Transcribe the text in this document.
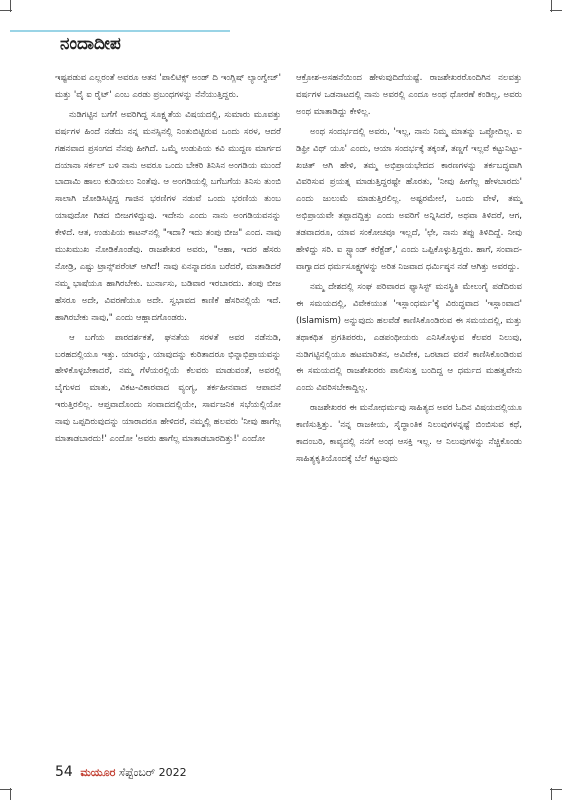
ನಂದಾದೀಪ

ಇಷ್ಟಪಡುವ ಎಲ್ಲರಂತೆ ಅವರೂ ಆತನ 'ಪಾಲಿಟಿಕ್ಸ್ ಅಂಡ್ ದಿ ಇಂಗ್ಲಿಷ್ ಲ್ಯಾಂಗ್ವೇಜ್' ಮತ್ತು 'ವೈ ಐ ರೈಟ್' ಎಂಬ ಎರಡು ಪ್ರಬಂಧಗಳನ್ನು ನೆನೆಯುತ್ತಿದ್ದರು.

ನುಡಿಗಟ್ಟಿನ ಬಗೆಗೆ ಅವರಿಗಿದ್ದ ಸೂಕ್ಷ್ಮತೆಯ ವಿಷಯದಲ್ಲಿ, ಸುಮಾರು ಮೂವತ್ತು ವರ್ಷಗಳ ಹಿಂದೆ ನಡೆದು ನನ್ನ ಮನಸ್ಸಿನಲ್ಲಿ ನಿಂತುಬಿಟ್ಟಿರುವ ಒಂದು ಸರಳ, ಆದರೆ ಗಹನವಾದ ಪ್ರಸಂಗದ ನೆನಪು ಹೀಗಿದೆ. ಒಮ್ಮೆ ಉಡುಪಿಯ ಕವಿ ಮುದ್ದಣ ಮಾರ್ಗದ ದಯಾನಾ ಸರ್ಕಲ್ ಬಳಿ ನಾನು ಅವರೂ ಒಂದು ಬೇಕರಿ ತಿನಿಸಿನ ಅಂಗಡಿಯ ಮುಂದೆ ಬಾದಾಮಿ ಹಾಲು ಕುಡಿಯಲು ನಿಂತೆವು. ಆ ಅಂಗಡಿಯಲ್ಲಿ ಬಗೆಬಗೆಯ ತಿನಿಸು ತುಂಬಿ ಸಾಲಾಗಿ ಜೋಡಿಸಿಟ್ಟಿದ್ದ ಗಾಜಿನ ಭರಣಿಗಳ ನಡುವೆ ಒಂದು ಭರಣಿಯ ತುಂಬ ಯಾವುದೋ ಗಿಡದ ಬೀಜಗಳಿದ್ದುವು. ಇದೇನು ಎಂದು ನಾನು ಅಂಗಡಿಯವನನ್ನು ಕೇಳಿದೆ. ಆತ, ಉಡುಪಿಯ ಕಾಟನ್‌ನಲ್ಲಿ "ಇದಾ? ಇದು ತಂಪು ಬೀಜ" ಎಂದ. ನಾವು ಮುಖಮುಖ ನೋಡಿಕೊಂಡೆವು. ರಾಜಶೇಖರ ಅವರು, "ಆಹಾ, ಇದರ ಹೆಸರು ನೋಡ್ರಿ, ಎಷ್ಟು ಟ್ರಾನ್ಸ್‌ಪರೆಂಟ್ ಆಗಿದೆ! ನಾವು ಏನನ್ನಾದರೂ ಬರೆದರೆ, ಮಾತಾಡಿದರೆ ನಮ್ಮ ಭಾಷೆಯೂ ಹಾಗಿರಬೇಕು. ಬುರ್ನಾಸು, ಬಡಿವಾರ ಇರಬಾರದು. ತಂಪು ಬೀಜ ಹೆಸರೂ ಅದೇ, ವಿವರಣೆಯೂ ಅದೇ. ಸ್ವಭಾವದ ಕಾಣಿಕೆ ಹೆಸರಿನಲ್ಲಿಯೆ ಇದೆ. ಹಾಗಿರಬೇಕು ನಾವು," ಎಂದು ಆಹ್ಲಾದಗೊಂಡರು.

ಆ ಬಗೆಯ ಪಾರದರ್ಶಕತೆ, ಘನತೆಯ ಸರಳತೆ ಅವರ ನಡೆನುಡಿ, ಬರಹದಲ್ಲಿಯೂ ಇತ್ತು. ಯಾರನ್ನು, ಯಾವುದನ್ನು ಕುರಿತಾದರೂ ಭಿನ್ನಾಭಿಪ್ರಾಯವನ್ನು ಹೇಳಿಕೊಳ್ಳಬೇಕಾದರೆ, ನಮ್ಮ ಗೆಳೆಯರಲ್ಲಿಯೆ ಕೆಲವರು ಮಾಡುವಂತೆ, ಅವರಲ್ಲಿ ಬೈಗುಳದ ಮಾತು, ವಿಕಟ-ವಿಕಾರವಾದ ವ್ಯಂಗ್ಯ, ತರ್ಕಹೀನವಾದ ಆಪಾದನೆ ಇರುತ್ತಿರಲಿಲ್ಲ. ಆಪ್ತವಾದೊಂದು ಸಂವಾದದಲ್ಲಿಯೇ, ಸಾರ್ವಜನಿಕ ಸಭೆಯಲ್ಲಿಯೋ ನಾವು ಒಪ್ಪದಿರುವುದನ್ನು ಯಾರಾದರೂ ಹೇಳಿದರೆ, ನಮ್ಮಲ್ಲಿ ಹಲವರು 'ನೀವು ಹಾಗೆಲ್ಲ ಮಾತಾಡಬಾರದು!' ಎಂದೋ 'ಅವರು ಹಾಗೆಲ್ಲ ಮಾತಾಡಬಾರದಿತ್ತು!' ಎಂದೋ

ಆಕ್ರೋಶ-ಅಸಹನೆಯಿಂದ ಹೇಳುವುದಿದೆಯಷ್ಟೆ. ರಾಜಶೇಖರರೊಂದಿಗಿನ ನಲವತ್ತು ವರ್ಷಗಳ ಒಡನಾಟದಲ್ಲಿ ನಾನು ಅವರಲ್ಲಿ ಎಂದೂ ಅಂಥ ಧೋರಣೆ ಕಂಡಿಲ್ಲ, ಅವರು ಅಂಥ ಮಾತಾಡಿದ್ದು ಕೇಳಿಲ್ಲ.

ಅಂಥ ಸಂದರ್ಭದಲ್ಲಿ ಅವರು, 'ಇಲ್ಲ, ನಾನು ನಿಮ್ಮ ಮಾತನ್ನು ಒಪ್ಪೋದಿಲ್ಲ. ಐ ಡಿಫ್ರೀ ವಿಥ್ ಯೂ' ಎಂದು, ಆಯಾ ಸಂದರ್ಭಕ್ಕೆ ತಕ್ಕಂತೆ, ತಣ್ಣಗೆ ಇಲ್ಲವೆ ಕಟ್ಟುನಿಟ್ಟು-ಖಚಿತ್ ಆಗಿ ಹೇಳಿ, ತಮ್ಮ ಅಭಿಪ್ರಾಯಭೇದದ ಕಾರಣಗಳನ್ನು ತರ್ಕಬದ್ಧವಾಗಿ ವಿವರಿಸುವ ಪ್ರಯತ್ನ ಮಾಡುತ್ತಿದ್ದರಷ್ಟೇ ಹೊರತು, 'ನೀವು ಹೀಗೆಲ್ಲ ಹೇಳಬಾರದು' ಎಂದು ಜುಲುಮೆ ಮಾಡುತ್ತಿರಲಿಲ್ಲ. ಅಷ್ಟರಮೇಲೆ, ಒಂದು ವೇಳೆ, ತಮ್ಮ ಅಭಿಪ್ರಾಯವೇ ತಪ್ಪಾದದ್ದಿತ್ತು ಎಂದು ಅವರಿಗೆ ಅನ್ನಿಸಿದರೆ, ಅಥವಾ ತಿಳಿದರೆ, ಆಗ, ತಡವಾದರೂ, ಯಾವ ಸಂಕೋಚವೂ ಇಲ್ಲದೆ, 'ಛೇ, ನಾನು ತಪ್ಪು ತಿಳಿದಿದ್ದೆ. ನೀವು ಹೇಳಿದ್ದು ಸರಿ. ಐ ಸ್ಟ್ಯಾಂಡ್ ಕರೆಕ್ಟೆಡ್,' ಎಂದು ಒಪ್ಪಿಕೊಳ್ಳುತ್ತಿದ್ದರು. ಹಾಗೆ, ಸಂವಾದ-ವಾಗ್ವಾದದ ಧರ್ಮಸೂಕ್ಷ್ಮಗಳನ್ನು ಅರಿತ ನಿಜವಾದ ಧರ್ಮಿಷ್ಠನ ನಡೆ ಆಗಿತ್ತು ಅವರದ್ದು.

ನಮ್ಮ ದೇಶದಲ್ಲಿ ಸಂಘ ಪರಿವಾರದ ಫ್ಯಾಸಿಸ್ಟ್ ಮನಸ್ಥಿತಿ ಮೇಲುಗೈ ಪಡೆದಿರುವ ಈ ಸಮಯದಲ್ಲಿ, ವಿವೇಕಯುತ 'ಇಸ್ಲಾಂಧರ್ಮ'ಕ್ಕೆ ವಿರುದ್ಧವಾದ 'ಇಸ್ಲಾಂವಾದ' (Islamism) ಅನ್ನುವುದು ಹಲವೆಡೆ ಕಾಣಿಸಿಕೊಂಡಿರುವ ಈ ಸಮಯದಲ್ಲಿ, ಮತ್ತು ತಥಾಕಥಿತ ಪ್ರಗತಿಪರರು, ಎಡಪಂಥೀಯರು ಎನಿಸಿಕೊಳ್ಳುವ ಕೆಲವರ ನಿಲುವು, ನುಡಿಗಟ್ಟಿನಲ್ಲಿಯೂ ಹಟಮಾರಿತನ, ಅವಿವೇಕ, ಒರಟಾದ ವರಸೆ ಕಾಣಿಸಿಕೊಂಡಿರುವ ಈ ಸಮಯದಲ್ಲಿ ರಾಜಶೇಖರರು ಪಾಲಿಸುತ್ತ ಬಂದಿದ್ದ ಆ ಧರ್ಮದ ಮಹತ್ವವೇನು ಎಂದು ವಿವರಿಸಬೇಕಾದ್ದಿಲ್ಲ.

ರಾಜಶೇಖರರ ಈ ಮನೋಧರ್ಮವು ಸಾಹಿತ್ಯದ ಅವರ ಓದಿನ ವಿಷಯದಲ್ಲಿಯೂ ಕಾಣಿಸುತ್ತಿತ್ತು. 'ನನ್ನ ರಾಜಕೀಯ, ಸೈದ್ಧಾಂತಿಕ ನಿಲುವುಗಳನ್ನಷ್ಟೆ ಬಿಂಬಿಸುವ ಕಥೆ, ಕಾದಂಬರಿ, ಕಾವ್ಯದಲ್ಲಿ ನನಗೆ ಅಂಥ ಆಸಕ್ತಿ ಇಲ್ಲ. ಆ ನಿಲುವುಗಳನ್ನು ನೆಚ್ಚಿಕೊಂಡು ಸಾಹಿತ್ಯಕೃತಿಯೊಂದಕ್ಕೆ ಬೆಲೆ ಕಟ್ಟುವುದು

54 ಮಯೂರ ಸೆಪ್ಟೆಂಬರ್ 2022
